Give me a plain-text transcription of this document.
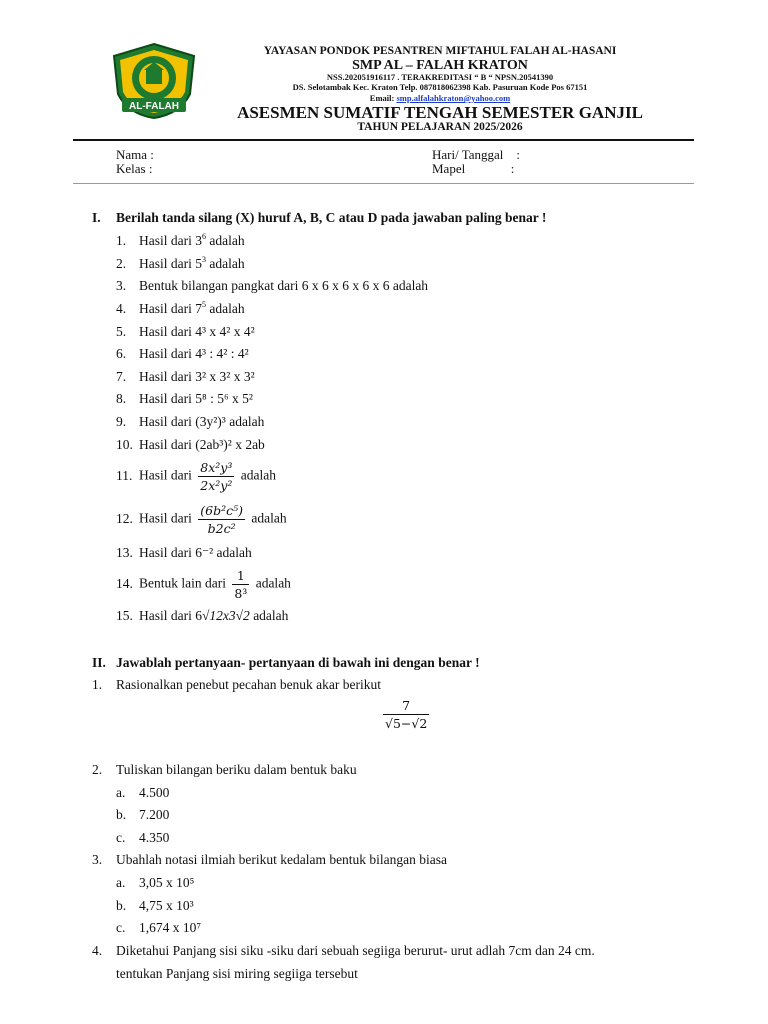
AL-FALAH
YAYASAN PONDOK PESANTREN MIFTAHUL FALAH AL-HASANI
SMP AL – FALAH KRATON
NSS.202051916117 . TERAKREDITASI “ B “ NPSN.20541390
DS. Selotambak Kec. Kraton Telp. 087818062398 Kab. Pasuruan Kode Pos 67151
Email: smp.alfalahkraton@yahoo.com
ASESMEN SUMATIF TENGAH SEMESTER GANJIL
TAHUN PELAJARAN 2025/2026
Nama :
Kelas :
Hari/ Tanggal    :
Mapel              :
I. Berilah tanda silang (X) huruf A, B, C atau D pada jawaban paling benar !
1. Hasil dari $3^6$ adalah
2. Hasil dari $5^3$ adalah
3. Bentuk bilangan pangkat dari 6 x 6 x 6 x 6 x 6 adalah
4. Hasil dari $7^5$ adalah
5. Hasil dari 4³ x 4² x 4²
6. Hasil dari 4³ : 4² : 4²
7. Hasil dari 3² x 3² x 3²
8. Hasil dari 5⁸ : 5⁶ x 5²
9. Hasil dari (3y²)³ adalah
10. Hasil dari (2ab³)² x 2ab
11. Hasil dari $\frac{\text{8x²y³}}{\text{2x²y²}}$ adalah
12. Hasil dari $\frac{\text{(6b²c⁵)}}{\text{b2c²}}$ adalah
13. Hasil dari 6⁻² adalah
14. Bentuk lain dari $\frac{1}{\text{8³}}$ adalah
15. Hasil dari 6√12x3√2 adalah
II. Jawablah pertanyaan- pertanyaan di bawah ini dengan benar !
1. Rasionalkan penebut pecahan benuk akar berikut
$\frac{7}{√5-√2}$
2. Tuliskan bilangan beriku dalam bentuk baku
a. 4.500
b. 7.200
c. 4.350
3. Ubahlah notasi ilmiah berikut kedalam bentuk bilangan biasa
a. 3,05 x 10⁵
b. 4,75 x 10³
c. 1,674 x 10⁷
4. Diketahui Panjang sisi siku -siku dari sebuah segiiga berurut- urut adlah 7cm dan 24 cm.
tentukan Panjang sisi miring segiiga tersebut
